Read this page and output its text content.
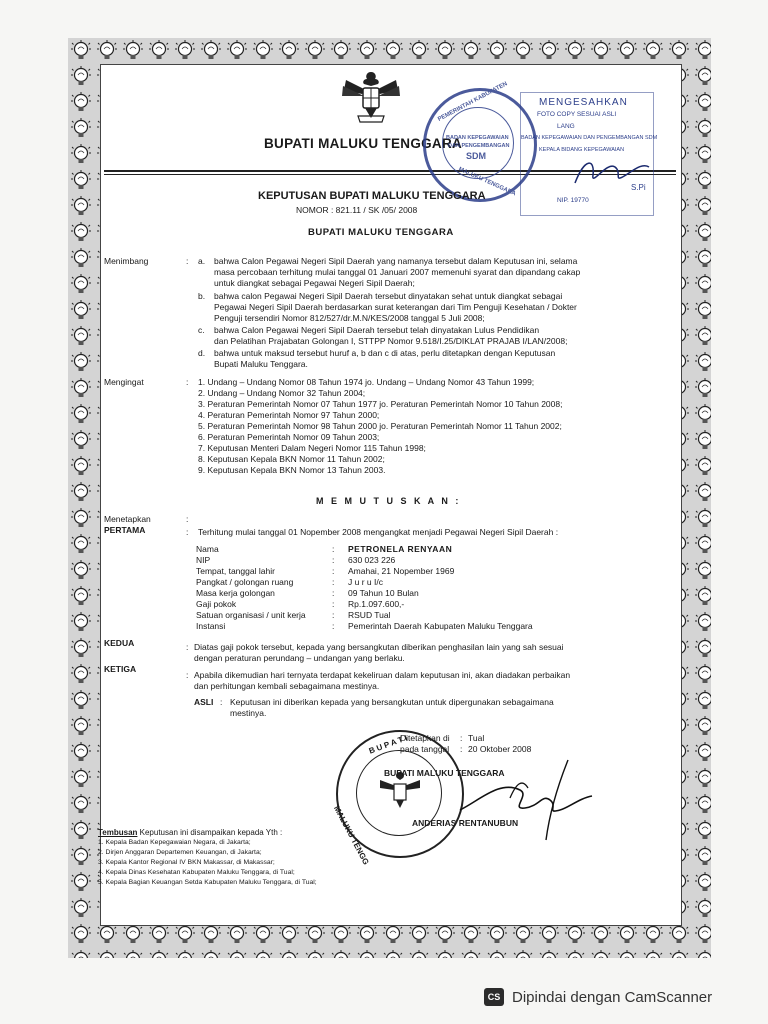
BUPATI MALUKU TENGGARA
PEMERINTAH KABUPATEN
BADAN KEPEGAWAIAN
DAN PENGEMBANGAN
SDM
MALUKU TENGGARA
MENGESAHKAN
FOTO COPY SESUAI ASLI
LANG
BADAN KEPEGAWAIAN DAN PENGEMBANGAN SDM
KEPALA BIDANG KEPEGAWAIAN
NIP. 19770
S.Pi
KEPUTUSAN BUPATI MALUKU TENGGARA
NOMOR : 821.11 / SK /05/ 2008
BUPATI MALUKU TENGGARA
Menimbang	: a. bahwa Calon Pegawai Negeri Sipil Daerah yang namanya tersebut dalam Keputusan ini, selama
masa percobaan terhitung mulai tanggal 01 Januari 2007 memenuhi syarat dan dipandang cakap
untuk diangkat sebagai Pegawai Negeri Sipil Daerah;
b. bahwa calon Pegawai Negeri Sipil Daerah tersebut dinyatakan sehat untuk diangkat sebagai
Pegawai Negeri Sipil Daerah berdasarkan surat keterangan dari Tim Penguji Kesehatan / Dokter
Penguji tersendiri Nomor 812/527/dr.M.N/KES/2008 tanggal 5 Juli 2008;
c. bahwa Calon Pegawai Negeri Sipil Daerah tersebut telah dinyatakan Lulus Pendidikan
dan Pelatihan Prajabatan Golongan I, STTPP Nomor 9.518/I.25/DIKLAT PRAJAB I/LAN/2008;
d. bahwa untuk maksud tersebut huruf a, b dan c di atas, perlu ditetapkan dengan Keputusan
Bupati Maluku Tenggara.
Mengingat	: 1. Undang – Undang Nomor 08 Tahun 1974 jo. Undang – Undang Nomor 43 Tahun 1999;
2. Undang – Undang Nomor 32 Tahun 2004;
3. Peraturan Pemerintah Nomor 07 Tahun 1977 jo. Peraturan Pemerintah Nomor 10 Tahun 2008;
4. Peraturan Pemerintah Nomor 97 Tahun 2000;
5. Peraturan Pemerintah Nomor 98 Tahun 2000 jo. Peraturan Pemerintah Nomor 11 Tahun 2002;
6. Peraturan Pemerintah Nomor 09 Tahun 2003;
7. Keputusan Menteri Dalam Negeri Nomor 115 Tahun 1998;
8. Keputusan Kepala BKN Nomor 11 Tahun 2002;
9. Keputusan Kepala BKN Nomor 13 Tahun 2003.
M E M U T U S K A N :
Menetapkan	:
PERTAMA	: Terhitung mulai tanggal 01 Nopember 2008 mengangkat menjadi Pegawai Negeri Sipil Daerah :
Nama	: PETRONELA RENYAAN
NIP	: 630 023 226
Tempat, tanggal lahir	: Amahai, 21 Nopember 1969
Pangkat / golongan ruang	: J u r u I/c
Masa kerja golongan	: 09 Tahun 10 Bulan
Gaji pokok	: Rp.1.097.600,-
Satuan organisasi / unit kerja	: RSUD Tual
Instansi	: Pemerintah Daerah Kabupaten Maluku Tenggara
KEDUA	: Diatas gaji pokok tersebut, kepada yang bersangkutan diberikan penghasilan lain yang sah sesuai
dengan peraturan perundang – undangan yang berlaku.
KETIGA
: Apabila dikemudian hari ternyata terdapat kekeliruan dalam keputusan ini, akan diadakan perbaikan
dan perhitungan kembali sebagaimana mestinya.
ASLI : Keputusan ini diberikan kepada yang bersangkutan untuk dipergunakan sebagaimana
mestinya.
Ditetapkan di : Tual
pada tanggal : 20 Oktober 2008
B U P A T I
MALUKU TENGG
BUPATI MALUKU TENGGARA
ANDERIAS RENTANUBUN
Tembusan Keputusan ini disampaikan kepada Yth :
1. Kepala Badan Kepegawaian Negara, di Jakarta;
2. Dirjen Anggaran Departemen Keuangan, di Jakarta;
3. Kepala Kantor Regional IV BKN Makassar, di Makassar;
4. Kepala Dinas Kesehatan Kabupaten Maluku Tenggara, di Tual;
5. Kepala Bagian Keuangan Setda Kabupaten Maluku Tenggara, di Tual;
CS Dipindai dengan CamScanner
